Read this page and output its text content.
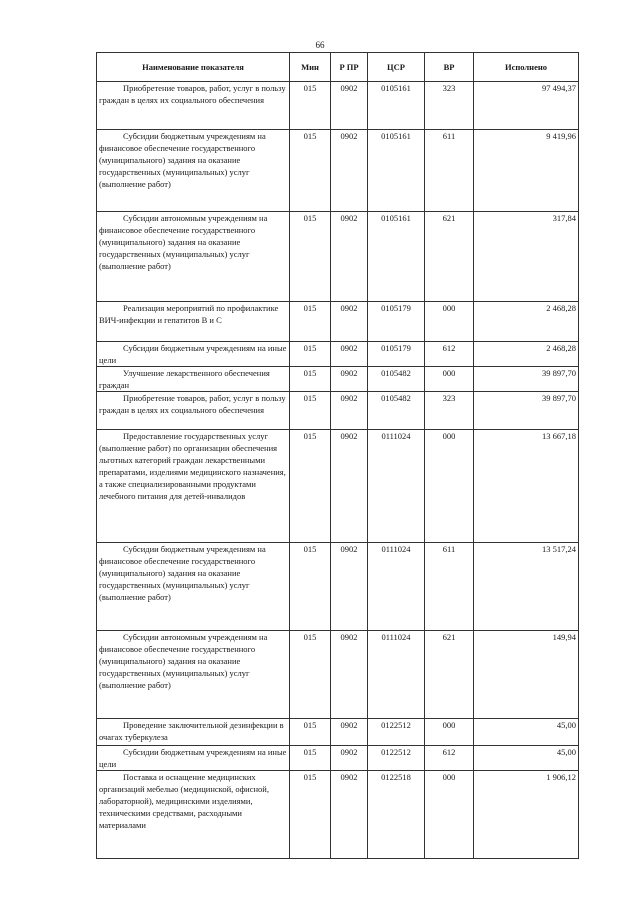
66
Наименование показателя	Мин	Р ПР	ЦСР	ВР	Исполнено
Приобретение товаров, работ, услуг в пользу граждан в целях их социального обеспечения	015	0902	0105161	323	97 494,37
Субсидии бюджетным учреждениям на финансовое обеспечение государственного (муниципального) задания на оказание государственных (муниципальных) услуг (выполнение работ)	015	0902	0105161	611	9 419,96
Субсидии автономным учреждениям на финансовое обеспечение государственного (муниципального) задания на оказание государственных (муниципальных) услуг (выполнение работ)	015	0902	0105161	621	317,84
Реализация мероприятий по профилактике ВИЧ-инфекции и гепатитов В и С	015	0902	0105179	000	2 468,28
Субсидии бюджетным учреждениям на иные цели	015	0902	0105179	612	2 468,28
Улучшение лекарственного обеспечения граждан	015	0902	0105482	000	39 897,70
Приобретение товаров, работ, услуг в пользу граждан в целях их социального обеспечения	015	0902	0105482	323	39 897,70
Предоставление государственных услуг (выполнение работ) по организации обеспечения льготных категорий граждан лекарственными препаратами, изделиями медицинского назначения, а также специализированными продуктами лечебного питания для детей-инвалидов	015	0902	0111024	000	13 667,18
Субсидии бюджетным учреждениям на финансовое обеспечение государственного (муниципального) задания на оказание государственных (муниципальных) услуг (выполнение работ)	015	0902	0111024	611	13 517,24
Субсидии автономным учреждениям на финансовое обеспечение государственного (муниципального) задания на оказание государственных (муниципальных) услуг (выполнение работ)	015	0902	0111024	621	149,94
Проведение заключительной дезинфекции в очагах туберкулеза	015	0902	0122512	000	45,00
Субсидии бюджетным учреждениям на иные цели	015	0902	0122512	612	45,00
Поставка и оснащение медицинских организаций мебелью (медицинской, офисной, лабораторной), медицинскими изделиями, техническими средствами, расходными материалами	015	0902	0122518	000	1 906,12
